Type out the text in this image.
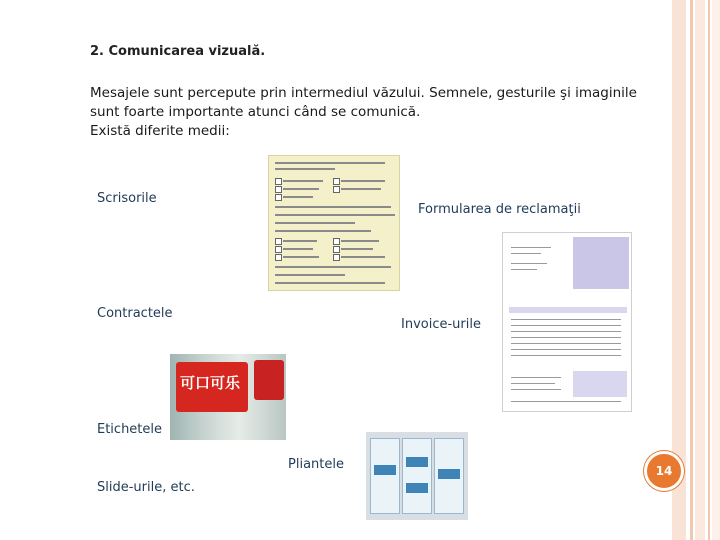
2. Comunicarea vizuală.
Mesajele sunt percepute prin intermediul văzului. Semnele, gesturile şi imaginile
sunt foarte importante atunci când se comunică.
Există diferite medii:
Scrisorile
Formularea de reclamaţii
Contractele
Invoice-urile
Etichetele
Pliantele
Slide-urile, etc.
可口可乐
14
